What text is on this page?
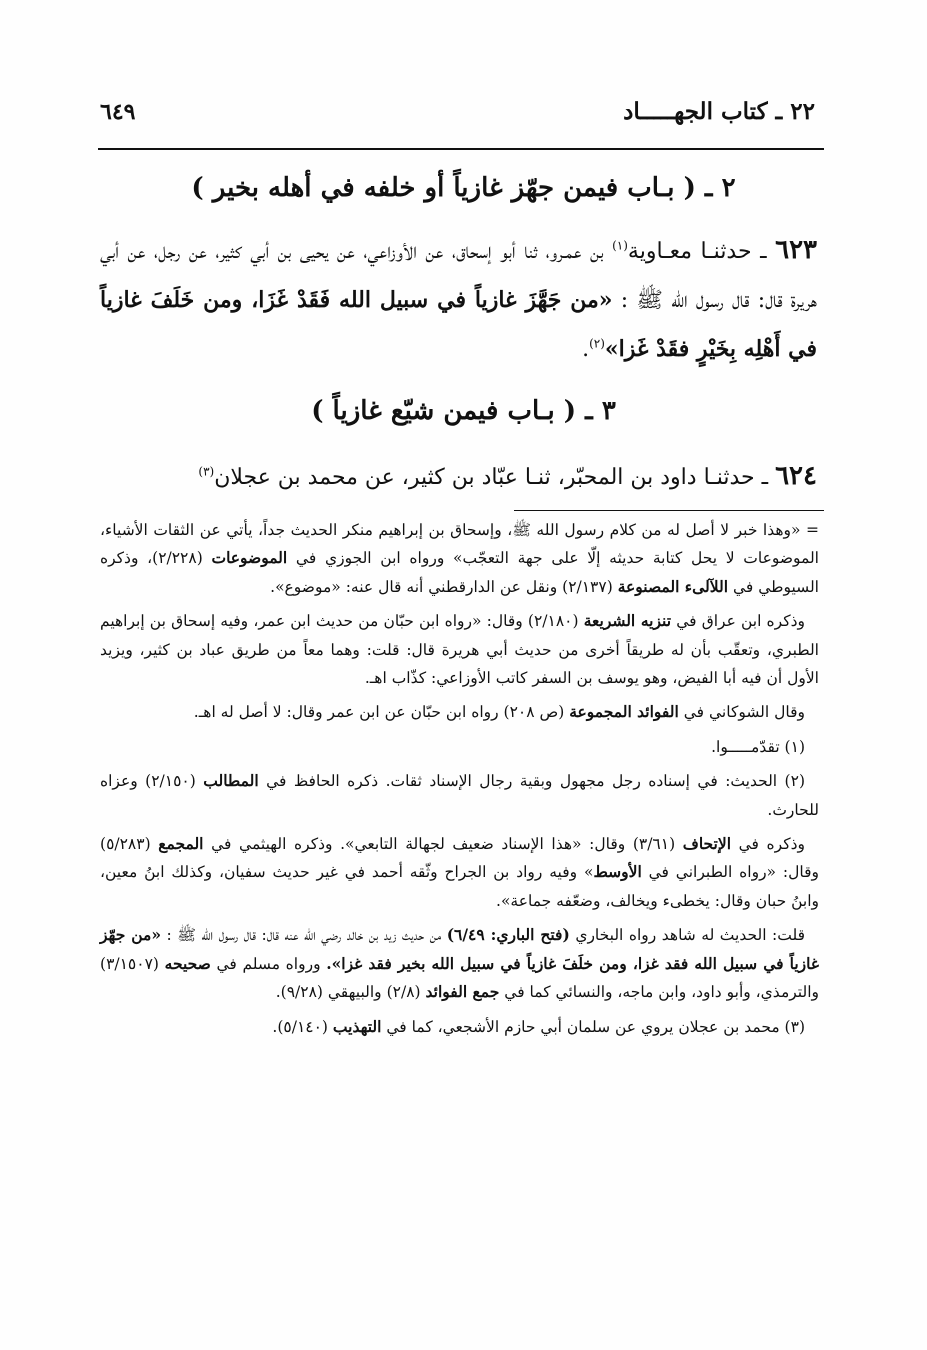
٢٢ ـ كتاب الجهـــــاد
٦٤٩
٢ ـ ( بـاب فيمن جهّز غازياً أو خلفه في أهله بخير )
٦٢٣ ـ حدثنـا معـاوية$^{(١)}$ بن عمـرو، ثنا أبو إسحاق، عن الأوزاعي، عن يحيى بن أبي كثير، عن رجل، عن أبي هريرة قال: قال رسول الله ﷺ : «من جَهَّزَ غازياً في سبيل الله فَقَدْ غَزَا، ومن خَلَفَ غازياً في أَهْلِه بِخَيْرٍ فقَدْ غَزا»$^{(٢)}$.
٣ ـ ( بـاب فيمن شيّع غازياً )
٦٢٤ ـ حدثنـا داود بن المحبّر، ثنـا عبّاد بن كثير، عن محمد بن عجلان$^{(٣)}$

= «وهذا خبر لا أصل له من كلام رسول الله ﷺ، وإسحاق بن إبراهيم منكر الحديث جداً، يأتي عن الثقات الأشياء، الموضوعات لا يحل كتابة حديثه إلّا على جهة التعجّب» ورواه ابن الجوزي في الموضوعات (٢/٢٢٨)، وذكره السيوطي في اللآلىء المصنوعة (٢/١٣٧) ونقل عن الدارقطني أنه قال عنه: «موضوع».

وذكره ابن عراق في تنزيه الشريعة (٢/١٨٠) وقال: «رواه ابن حبّان من حديث ابن عمر، وفيه إسحاق بن إبراهيم الطبري، وتعقّب بأن له طريقاً أخرى من حديث أبي هريرة قال: قلت: وهما معاً من طريق عباد بن كثير، ويزيد الأول أن فيه أبا الفيض، وهو يوسف بن السفر كاتب الأوزاعي: كذّاب اهـ.

وقال الشوكاني في الفوائد المجموعة (ص ٢٠٨) رواه ابن حبّان عن ابن عمر وقال: لا أصل له اهـ.

(١) تقدّمـــــوا.

(٢) الحديث: في إسناده رجل مجهول وبقية رجال الإسناد ثقات. ذكره الحافظ في المطالب (٢/١٥٠) وعزاه للحارث.

وذكره في الإتحاف (٣/٦١) وقال: «هذا الإسناد ضعيف لجهالة التابعي». وذكره الهيثمي في المجمع (٥/٢٨٣) وقال: «رواه الطبراني في الأوسط» وفيه رواد بن الجراح وثّقه أحمد في غير حديث سفيان، وكذلك ابنُ معين، وابنُ حبان وقال: يخطىء ويخالف، وضعّفه جماعة».

قلت: الحديث له شاهد رواه البخاري (فتح الباري: ٦/٤٩) من حديث زيد بن خالد رضي الله عنه قال: قال رسول الله ﷺ : «من جهّز غازياً في سبيل الله فقد غزا، ومن خلَفَ غازياً في سبيل الله بخير فقد غزا». ورواه مسلم في صحيحه (٣/١٥٠٧) والترمذي، وأبو داود، وابن ماجه، والنسائي كما في جمع الفوائد (٢/٨) والبيهقي (٩/٢٨).

(٣) محمد بن عجلان يروي عن سلمان أبي حازم الأشجعي، كما في التهذيب (٥/١٤٠).
